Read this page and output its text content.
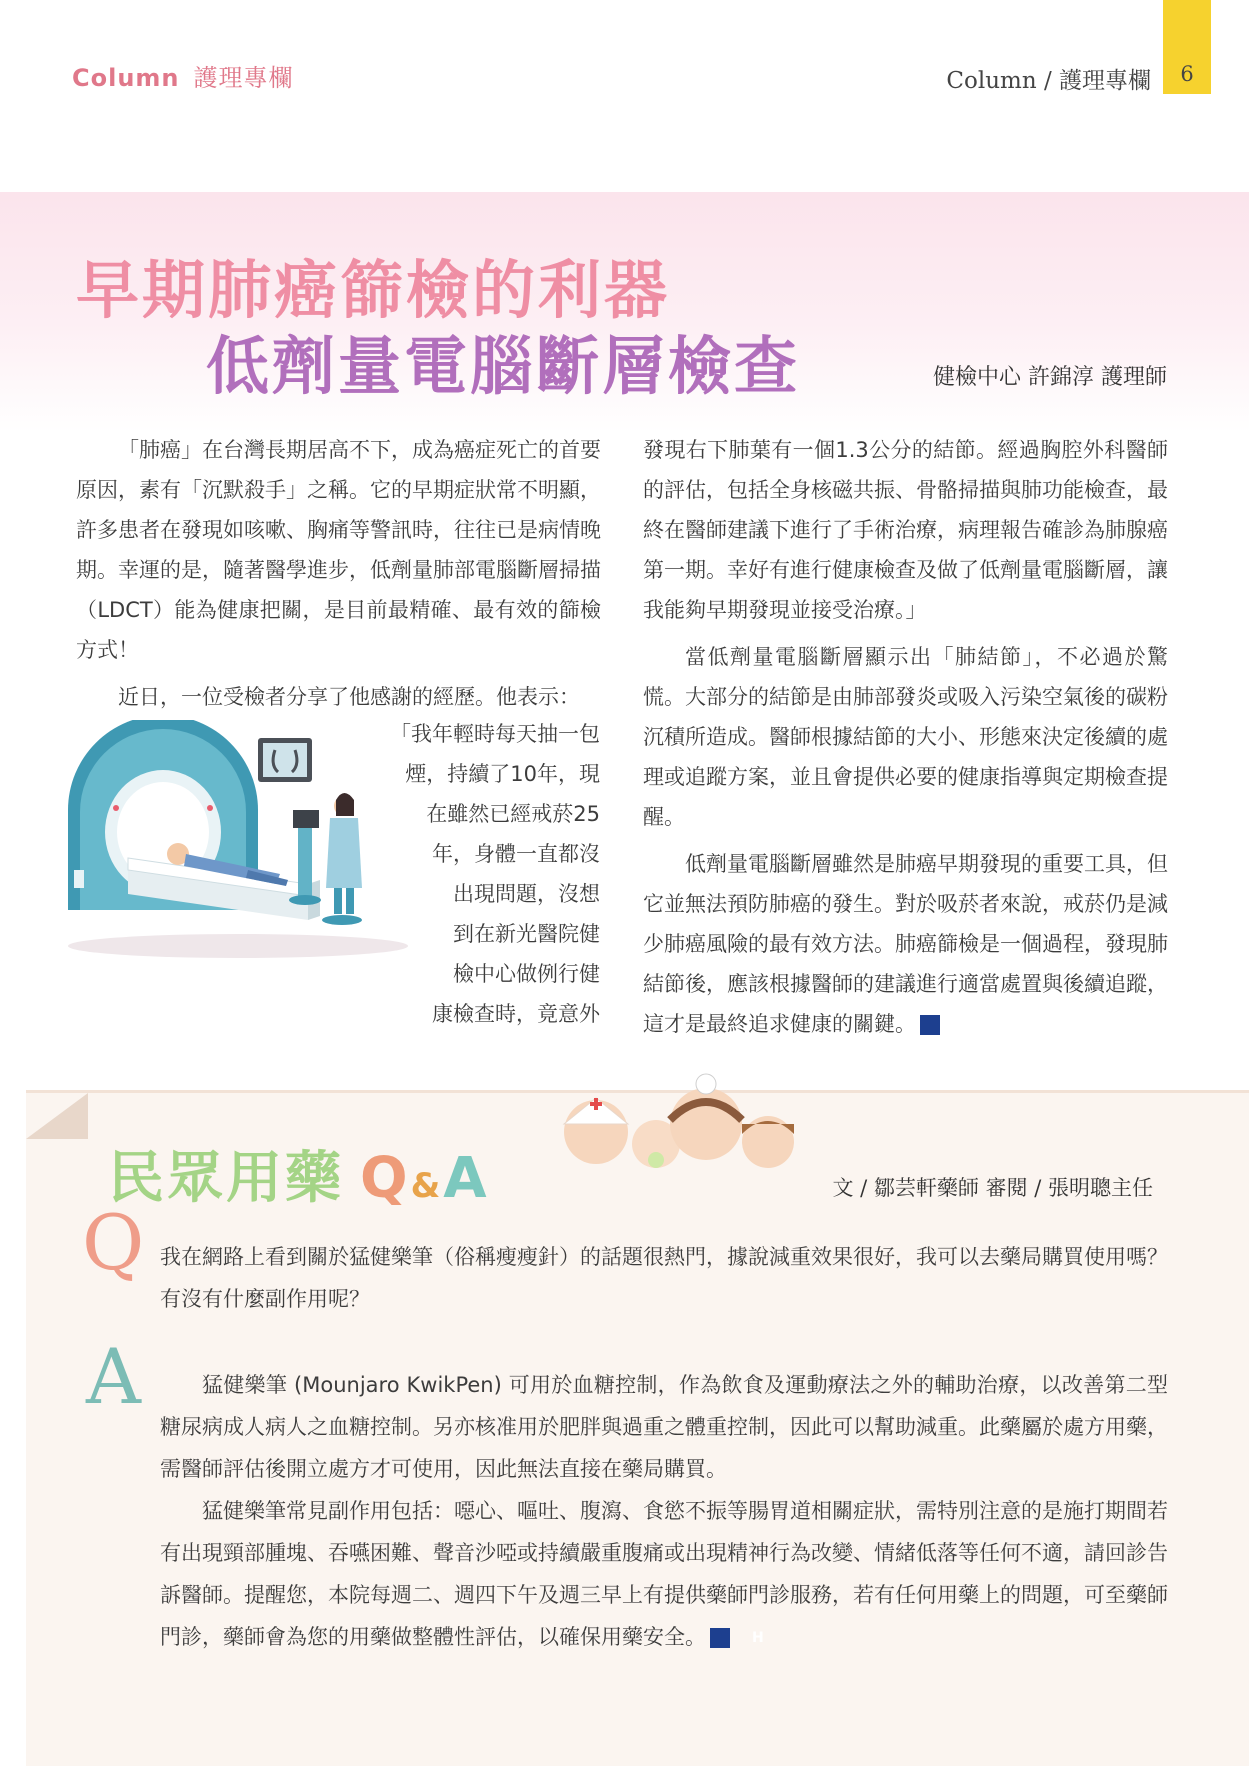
Column 護理專欄	Column / 護理專欄	6
早期肺癌篩檢的利器
低劑量電腦斷層檢查	健檢中心 許錦淳 護理師

「肺癌」在台灣長期居高不下，成為癌症死亡的首要原因，素有「沉默殺手」之稱。它的早期症狀常不明顯，許多患者在發現如咳嗽、胸痛等警訊時，往往已是病情晚期。幸運的是，隨著醫學進步，低劑量肺部電腦斷層掃描（LDCT）能為健康把關，是目前最精確、最有效的篩檢方式！

近日，一位受檢者分享了他感謝的經歷。他表示：

「我年輕時每天抽一包
煙，持續了10年，現
在雖然已經戒菸25
年，身體一直都沒
出現問題，沒想
到在新光醫院健
檢中心做例行健
康檢查時，竟意外

發現右下肺葉有一個1.3公分的結節。經過胸腔外科醫師的評估，包括全身核磁共振、骨骼掃描與肺功能檢查，最終在醫師建議下進行了手術治療，病理報告確診為肺腺癌第一期。幸好有進行健康檢查及做了低劑量電腦斷層，讓我能夠早期發現並接受治療。」

當低劑量電腦斷層顯示出「肺結節」，不必過於驚慌。大部分的結節是由肺部發炎或吸入污染空氣後的碳粉沉積所造成。醫師根據結節的大小、形態來決定後續的處理或追蹤方案，並且會提供必要的健康指導與定期檢查提醒。

低劑量電腦斷層雖然是肺癌早期發現的重要工具，但它並無法預防肺癌的發生。對於吸菸者來說，戒菸仍是減少肺癌風險的最有效方法。肺癌篩檢是一個過程，發現肺結節後，應該根據醫師的建議進行適當處置與後續追蹤，這才是最終追求健康的關鍵。H

民眾用藥 Q&A	文 / 鄒芸軒藥師 審閱 / 張明聰主任
Q 我在網路上看到關於猛健樂筆（俗稱瘦瘦針）的話題很熱門，據說減重效果很好，我可以去藥局購買使用嗎？有沒有什麼副作用呢？
A	猛健樂筆 (Mounjaro KwikPen) 可用於血糖控制，作為飲食及運動療法之外的輔助治療，以改善第二型糖尿病成人病人之血糖控制。另亦核准用於肥胖與過重之體重控制，因此可以幫助減重。此藥屬於處方用藥，需醫師評估後開立處方才可使用，因此無法直接在藥局購買。

猛健樂筆常見副作用包括：噁心、嘔吐、腹瀉、食慾不振等腸胃道相關症狀，需特別注意的是施打期間若有出現頸部腫塊、吞嚥困難、聲音沙啞或持續嚴重腹痛或出現精神行為改變、情緒低落等任何不適，請回診告訴醫師。提醒您，本院每週二、週四下午及週三早上有提供藥師門診服務，若有任何用藥上的問題，可至藥師門診，藥師會為您的用藥做整體性評估，以確保用藥安全。H
